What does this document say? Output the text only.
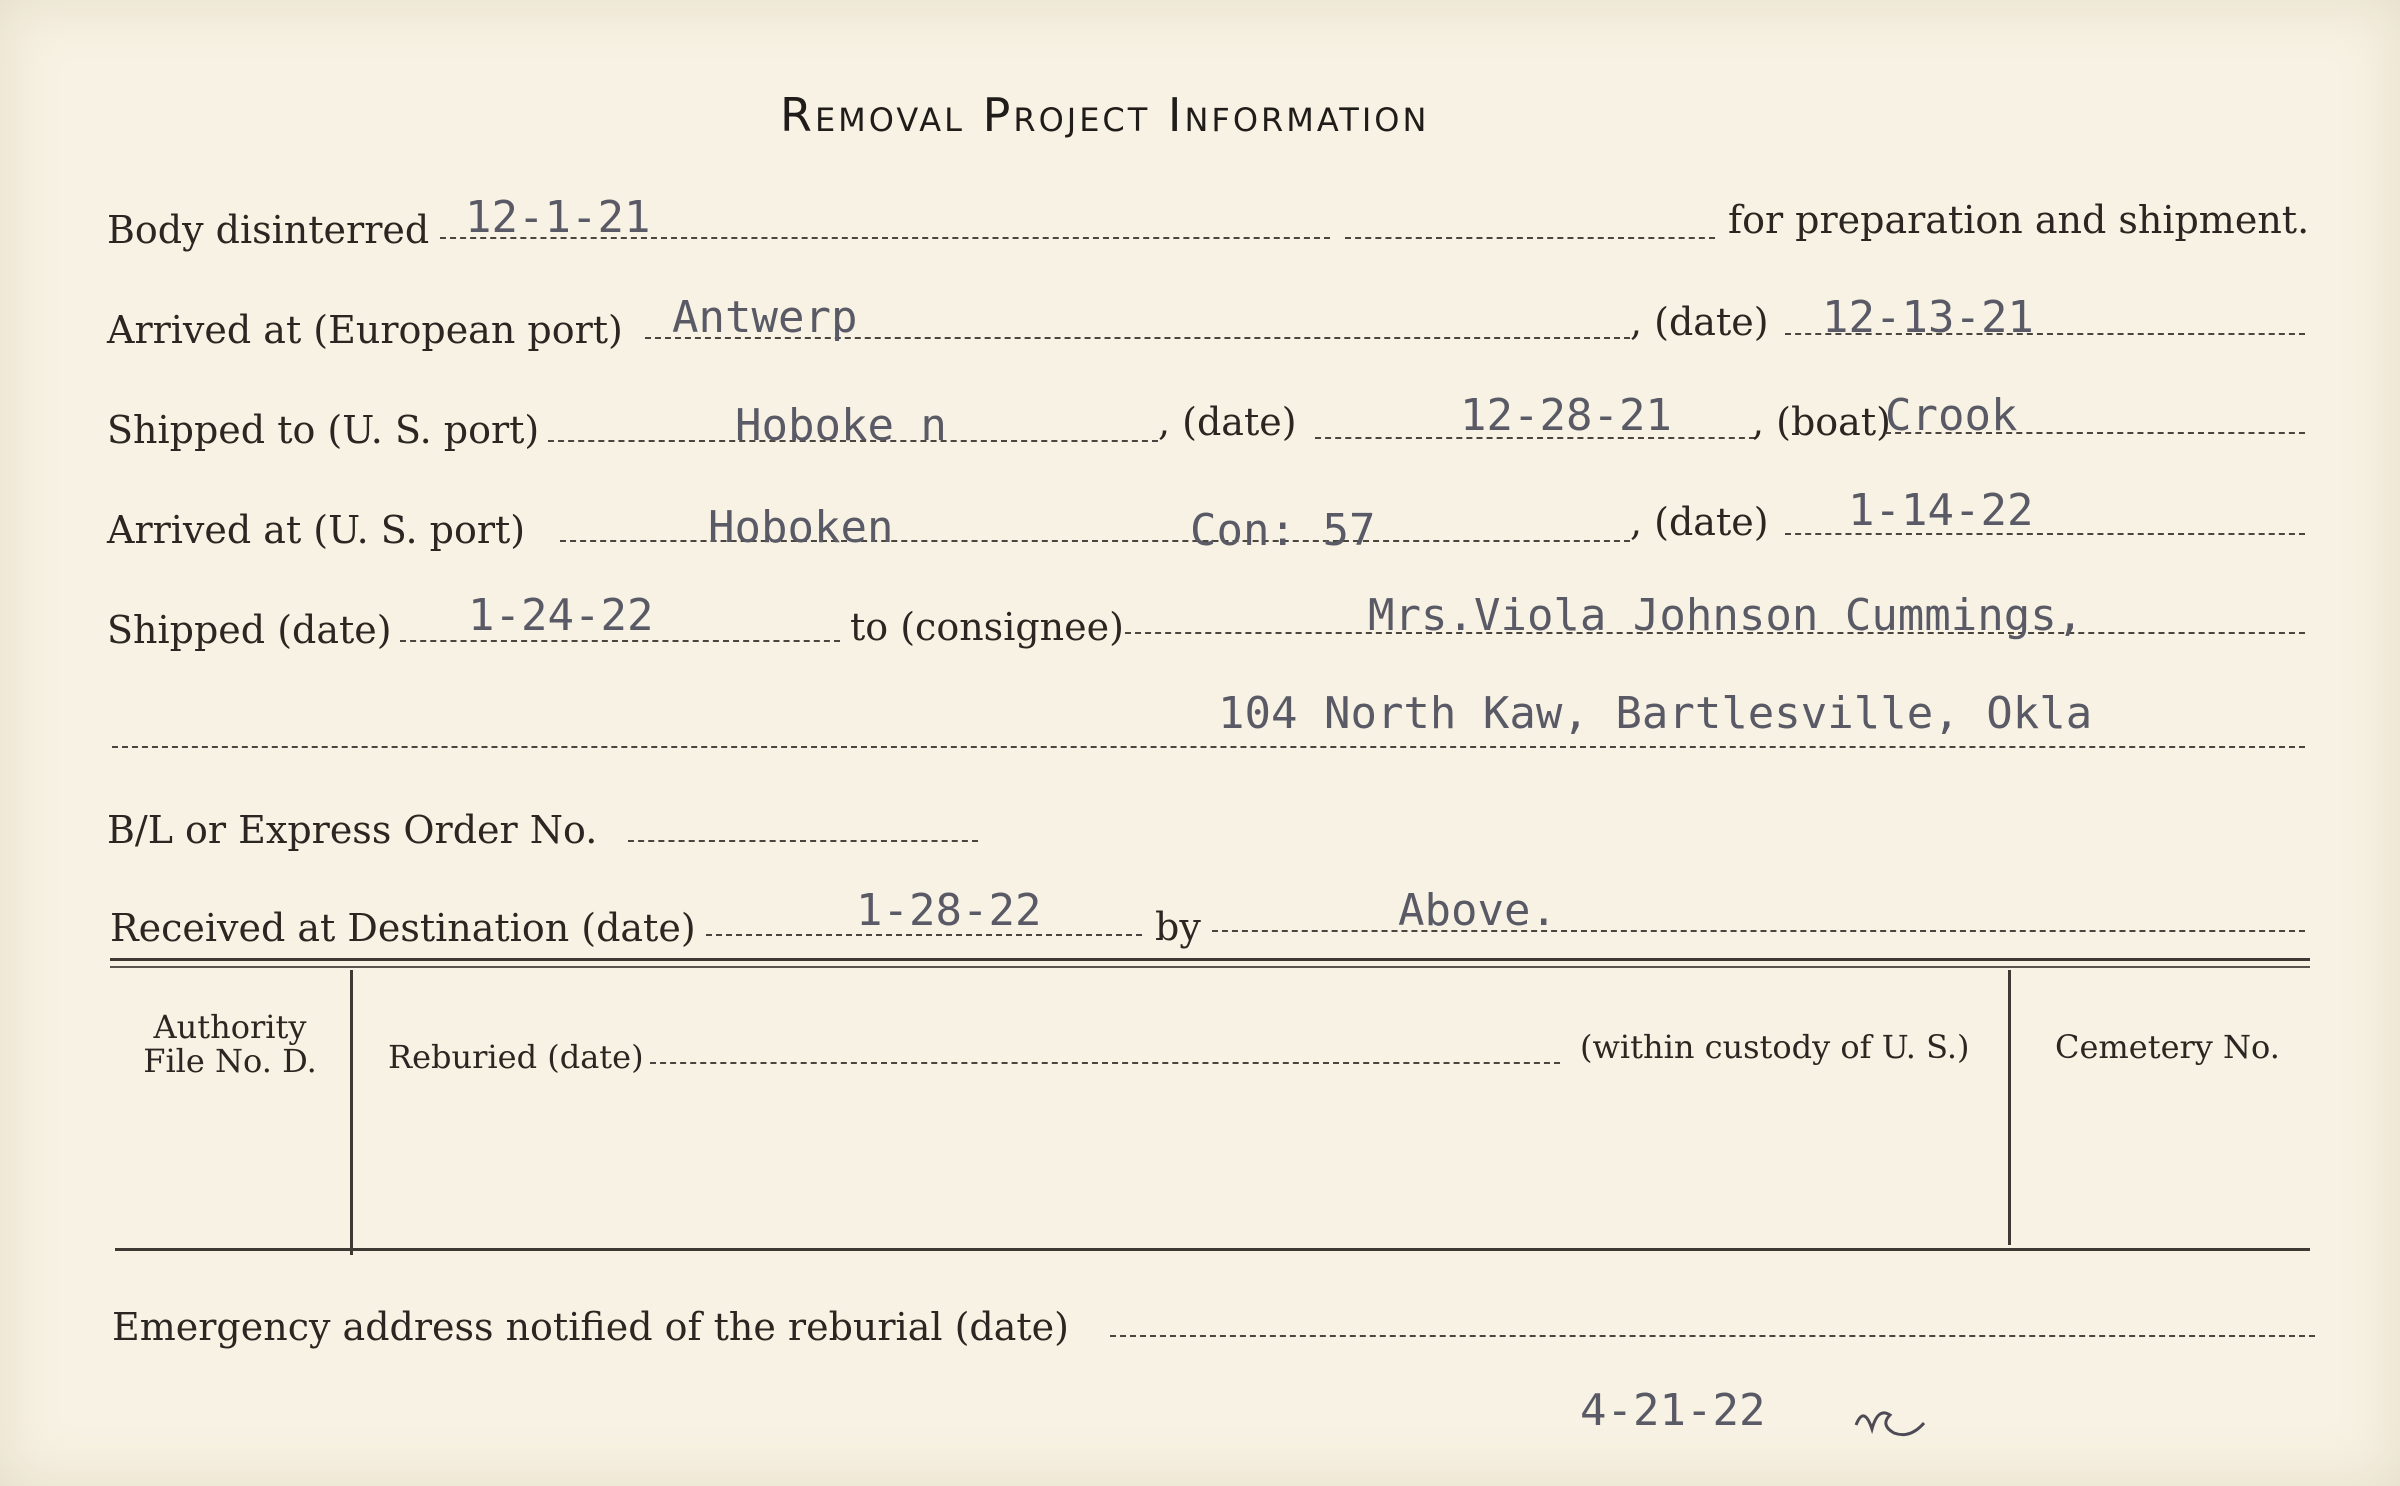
Removal Project Information
Body disinterred 12-1-21	for preparation and shipment.
Arrived at (European port) Antwerp	, (date) 12-13-21
Shipped to (U. S. port)	Hoboke n	, (date)	12-28-21 , (boat)
Crook
Arrived at (U. S. port)	Hoboken	Con: 57	, (date) 1-14-22
Shipped (date) 1-24-22	to (consignee)	Mrs.Viola Johnson Cummings,
104 North Kaw, Bartlesville, Okla
B/L or Express Order No.
Received at Destination (date)	1-28-22	by	Above.
Authority
File No. D.	Reburied (date)	(within custody of U. S.)	Cemetery No.
Emergency address notified of the reburial (date)
4-21-22
